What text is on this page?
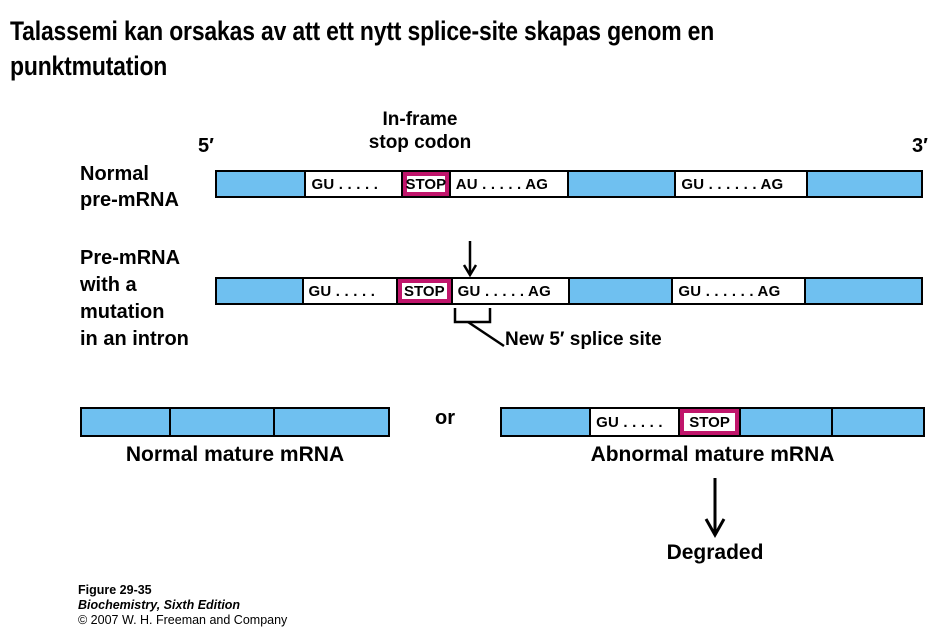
Talassemi kan orsakas av att ett nytt splice-site skapas genom en
punktmutation
In-frame
stop codon
5′	3′
Normal
pre-mRNA
GU . . . . .	STOP AU . . . . . AG	GU . . . . . . AG
Pre-mRNA
with a
mutation
in an intron
GU . . . . .	STOP GU . . . . . AG	GU . . . . . . AG
New 5′ splice site
or	GU . . . . .	STOP
Normal mature mRNA	Abnormal mature mRNA
Degraded
Figure 29-35
Biochemistry, Sixth Edition
© 2007 W. H. Freeman and Company
